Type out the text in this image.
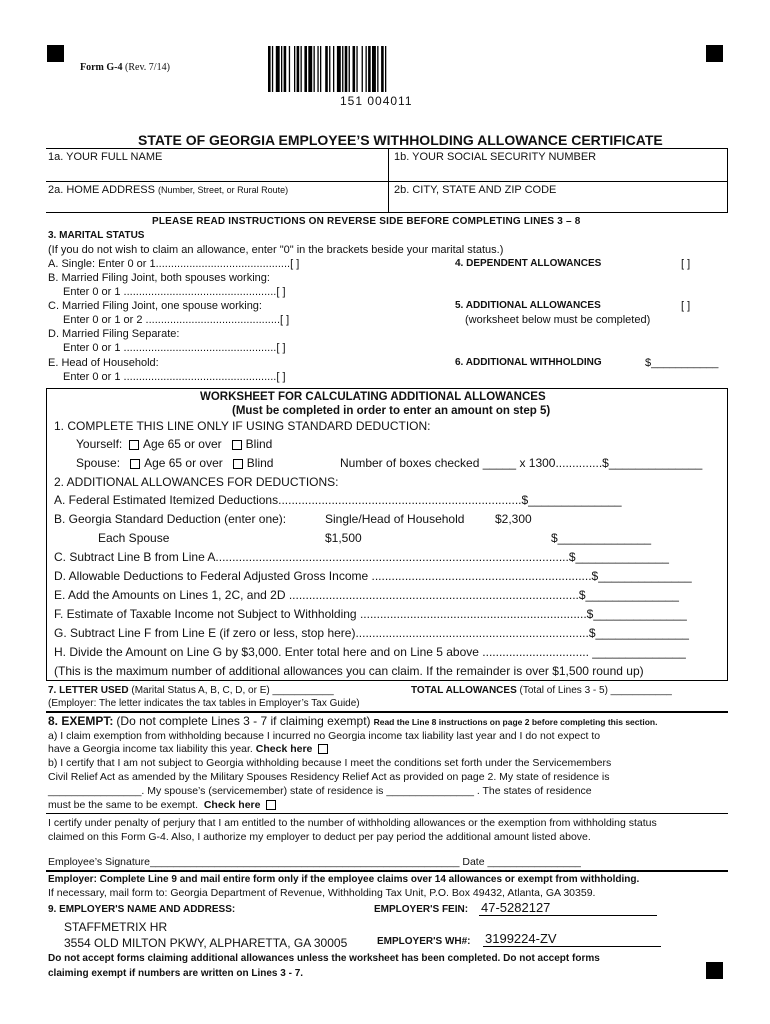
Form G-4 (Rev. 7/14)
151 004011
STATE OF GEORGIA EMPLOYEE’S WITHHOLDING ALLOWANCE CERTIFICATE
1a. YOUR FULL NAME	1b. YOUR SOCIAL SECURITY NUMBER
2a. HOME ADDRESS (Number, Street, or Rural Route)	2b. CITY, STATE AND ZIP CODE
PLEASE READ INSTRUCTIONS ON REVERSE SIDE BEFORE COMPLETING LINES 3 – 8
3. MARITAL STATUS
(If you do not wish to claim an allowance, enter "0" in the brackets beside your marital status.)
A. Single: Enter 0 or 1............................................[ ]
B. Married Filing Joint, both spouses working:
Enter 0 or 1 ..................................................[ ]
C. Married Filing Joint, one spouse working:
Enter 0 or 1 or 2 ............................................[ ]
D. Married Filing Separate:
Enter 0 or 1 ..................................................[ ]
E. Head of Household:
Enter 0 or 1 ..................................................[ ]
4. DEPENDENT ALLOWANCES	[ ]
5. ADDITIONAL ALLOWANCES	[ ]
(worksheet below must be completed)
6. ADDITIONAL WITHHOLDING	$___________
WORKSHEET FOR CALCULATING ADDITIONAL ALLOWANCES
(Must be completed in order to enter an amount on step 5)
1. COMPLETE THIS LINE ONLY IF USING STANDARD DEDUCTION:
Yourself: Age 65 or over Blind
Spouse: Age 65 or over Blind	Number of boxes checked _____ x 1300..............$______________
2. ADDITIONAL ALLOWANCES FOR DEDUCTIONS:
A. Federal Estimated Itemized Deductions.........................................................................$______________
B. Georgia Standard Deduction (enter one):	Single/Head of Household	$2,300
Each Spouse	$1,500	$______________
C. Subtract Line B from Line A..........................................................................................................$______________
D. Allowable Deductions to Federal Adjusted Gross Income ..................................................................$______________
E. Add the Amounts on Lines 1, 2C, and 2D .......................................................................................$______________
F. Estimate of Taxable Income not Subject to Withholding ....................................................................$______________
G. Subtract Line F from Line E (if zero or less, stop here)......................................................................$______________
H. Divide the Amount on Line G by $3,000. Enter total here and on Line 5 above ................................ ______________
(This is the maximum number of additional allowances you can claim. If the remainder is over $1,500 round up)
7. LETTER USED (Marital Status A, B, C, D, or E) ___________	TOTAL ALLOWANCES (Total of Lines 3 - 5) ___________
(Employer: The letter indicates the tax tables in Employer’s Tax Guide)
8. EXEMPT: (Do not complete Lines 3 - 7 if claiming exempt) Read the Line 8 instructions on page 2 before completing this section.
a) I claim exemption from withholding because I incurred no Georgia income tax liability last year and I do not expect to
have a Georgia income tax liability this year. Check here
b) I certify that I am not subject to Georgia withholding because I meet the conditions set forth under the Servicemembers
Civil Relief Act as amended by the Military Spouses Residency Relief Act as provided on page 2. My state of residence is
________________. My spouse’s (servicemember) state of residence is _______________ . The states of residence
must be the same to be exempt. Check here
I certify under penalty of perjury that I am entitled to the number of withholding allowances or the exemption from withholding status
claimed on this Form G-4. Also, I authorize my employer to deduct per pay period the additional amount listed above.
Employee’s Signature_____________________________________________________ Date ________________
Employer: Complete Line 9 and mail entire form only if the employee claims over 14 allowances or exempt from withholding.
If necessary, mail form to: Georgia Department of Revenue, Withholding Tax Unit, P.O. Box 49432, Atlanta, GA 30359.
9. EMPLOYER'S NAME AND ADDRESS:	EMPLOYER'S FEIN: 47-5282127
STAFFMETRIX HR
3554 OLD MILTON PKWY, ALPHARETTA, GA 30005	EMPLOYER'S WH#: 3199224-ZV
Do not accept forms claiming additional allowances unless the worksheet has been completed. Do not accept forms
claiming exempt if numbers are written on Lines 3 - 7.
